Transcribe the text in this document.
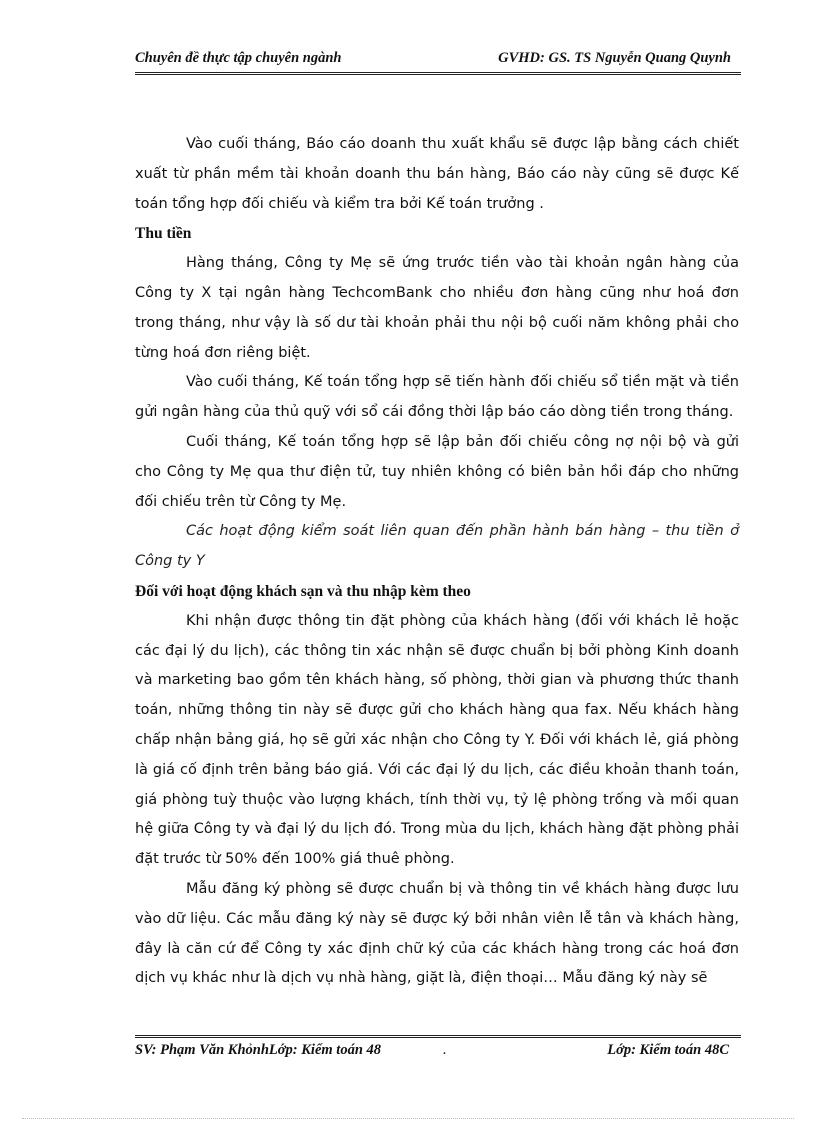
Chuyên đề thực tập chuyên ngành	GVHD: GS. TS Nguyễn Quang Quynh

Vào cuối tháng, Báo cáo doanh thu xuất khẩu sẽ được lập bằng cách chiết xuất từ phần mềm tài khoản doanh thu bán hàng, Báo cáo này cũng sẽ được Kế toán tổng hợp đối chiếu và kiểm tra bởi Kế toán trưởng .

Thu tiền

Hàng tháng, Công ty Mẹ sẽ ứng trước tiền vào tài khoản ngân hàng của Công ty X tại ngân hàng TechcomBank cho nhiều đơn hàng cũng như hoá đơn trong tháng, như vậy là số dư tài khoản phải thu nội bộ cuối năm không phải cho từng hoá đơn riêng biệt.

Vào cuối tháng, Kế toán tổng hợp sẽ tiến hành đối chiếu sổ tiền mặt và tiền gửi ngân hàng của thủ quỹ với sổ cái đồng thời lập báo cáo dòng tiền trong tháng.

Cuối tháng, Kế toán tổng hợp sẽ lập bản đối chiếu công nợ nội bộ và gửi cho Công ty Mẹ qua thư điện tử, tuy nhiên không có biên bản hồi đáp cho những đối chiếu trên từ Công ty Mẹ.

Các hoạt động kiểm soát liên quan đến phần hành bán hàng – thu tiền ở Công ty Y

Đối với hoạt động khách sạn và thu nhập kèm theo

Khi nhận được thông tin đặt phòng của khách hàng (đối với khách lẻ hoặc các đại lý du lịch), các thông tin xác nhận sẽ được chuẩn bị bởi phòng Kinh doanh và marketing bao gồm tên khách hàng, số phòng, thời gian và phương thức thanh toán, những thông tin này sẽ được gửi cho khách hàng qua fax. Nếu khách hàng chấp nhận bảng giá, họ sẽ gửi xác nhận cho Công ty Y. Đối với khách lẻ, giá phòng là giá cố định trên bảng báo giá. Với các đại lý du lịch, các điều khoản thanh toán, giá phòng tuỳ thuộc vào lượng khách, tính thời vụ, tỷ lệ phòng trống và mối quan hệ giữa Công ty và đại lý du lịch đó. Trong mùa du lịch, khách hàng đặt phòng phải đặt trước từ 50% đến 100% giá thuê phòng.

Mẫu đăng ký phòng sẽ được chuẩn bị và thông tin về khách hàng được lưu vào dữ liệu. Các mẫu đăng ký này sẽ được ký bởi nhân viên lễ tân và khách hàng, đây là căn cứ để Công ty xác định chữ ký của các khách hàng trong các hoá đơn dịch vụ khác như là dịch vụ nhà hàng, giặt là, điện thoại… Mẫu đăng ký này sẽ

SV: Phạm Văn KhỏnhLớp: Kiểm toán 48	.	Lớp: Kiểm toán 48C
